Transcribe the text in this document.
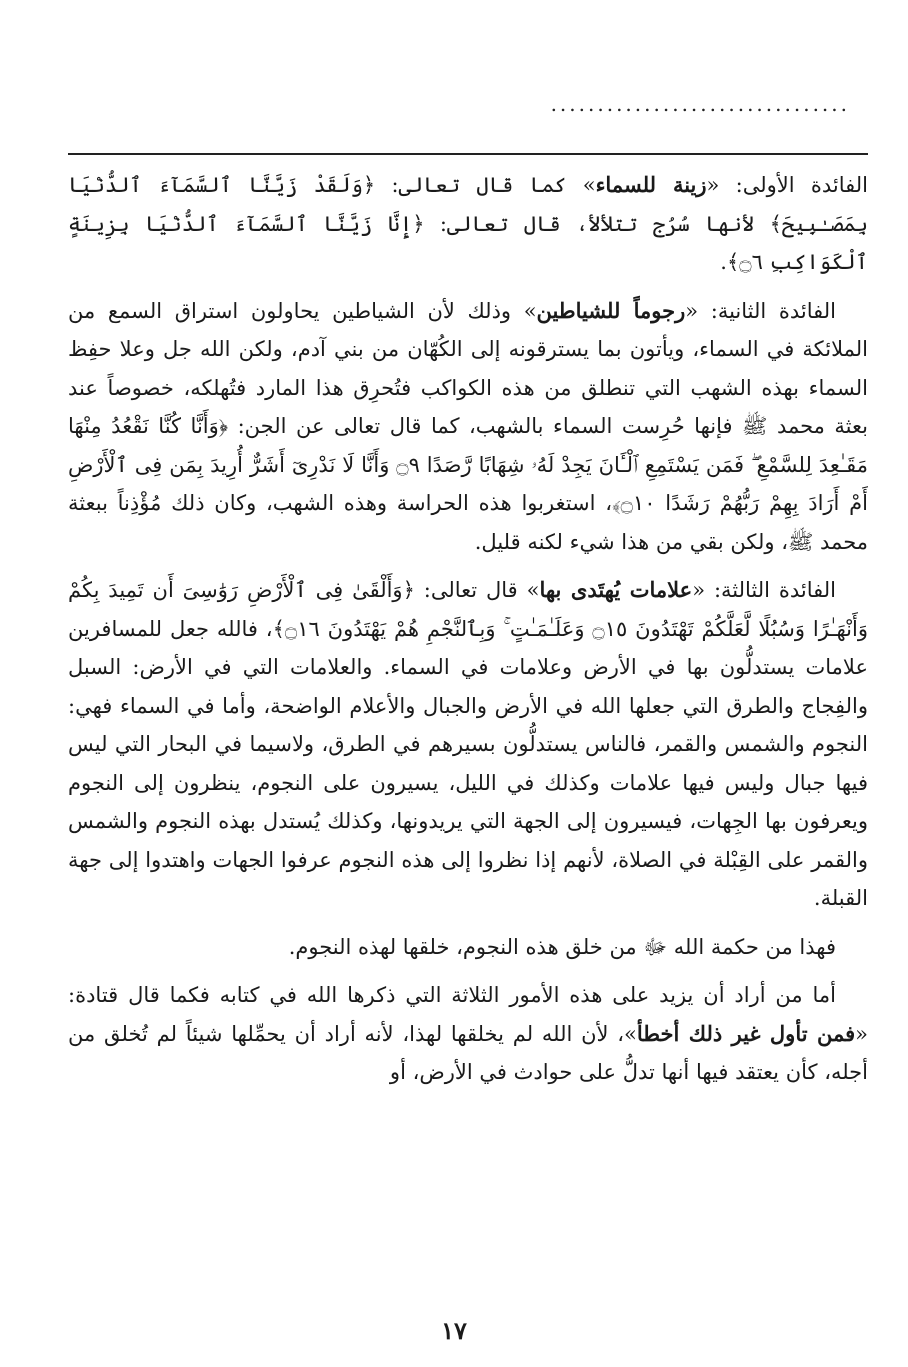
................................

الفائدة الأولى: «زينة للسماء» كما قال تعالى: ﴿وَلَقَدْ زَيَّنَّا ٱلسَّمَآءَ ٱلدُّنْيَا بِمَصَـٰبِيحَ﴾ لأنها سُرُج تتلألأ، قال تعالى: ﴿إِنَّا زَيَّنَّا ٱلسَّمَآءَ ٱلدُّنْيَا بِزِينَةٍ ٱلْكَوَاكِبِ ۝٦﴾.

الفائدة الثانية: «رجوماً للشياطين» وذلك لأن الشياطين يحاولون استراق السمع من الملائكة في السماء، ويأتون بما يسترقونه إلى الكُهّان من بني آدم، ولكن الله جل وعلا حفِظ السماء بهذه الشهب التي تنطلق من هذه الكواكب فتُحرِق هذا المارد فتُهلكه، خصوصاً عند بعثة محمد ﷺ فإنها حُرِست السماء بالشهب، كما قال تعالى عن الجن: ﴿وَأَنَّا كُنَّا نَقْعُدُ مِنْهَا مَقَـٰعِدَ لِلسَّمْعِ ۖ فَمَن يَسْتَمِعِ ٱلْـَٔانَ يَجِدْ لَهُۥ شِهَابًا رَّصَدًا ۝٩ وَأَنَّا لَا نَدْرِىٓ أَشَرٌّ أُرِيدَ بِمَن فِى ٱلْأَرْضِ أَمْ أَرَادَ بِهِمْ رَبُّهُمْ رَشَدًا ۝١٠﴾، استغربوا هذه الحراسة وهذه الشهب، وكان ذلك مُؤْذِناً ببعثة محمد ﷺ، ولكن بقي من هذا شيء لكنه قليل.

الفائدة الثالثة: «علامات يُهتَدى بها» قال تعالى: ﴿وَأَلْقَىٰ فِى ٱلْأَرْضِ رَوَٰسِىَ أَن تَمِيدَ بِكُمْ وَأَنْهَـٰرًا وَسُبُلًا لَّعَلَّكُمْ تَهْتَدُونَ ۝١٥ وَعَلَـٰمَـٰتٍ ۚ وَبِٱلنَّجْمِ هُمْ يَهْتَدُونَ ۝١٦﴾، فالله جعل للمسافرين علامات يستدلُّون بها في الأرض وعلامات في السماء. والعلامات التي في الأرض: السبل والفِجاج والطرق التي جعلها الله في الأرض والجبال والأعلام الواضحة، وأما في السماء فهي: النجوم والشمس والقمر، فالناس يستدلُّون بسيرهم في الطرق، ولاسيما في البحار التي ليس فيها جبال وليس فيها علامات وكذلك في الليل، يسيرون على النجوم، ينظرون إلى النجوم ويعرفون بها الجِهات، فيسيرون إلى الجهة التي يريدونها، وكذلك يُستدل بهذه النجوم والشمس والقمر على القِبْلة في الصلاة، لأنهم إذا نظروا إلى هذه النجوم عرفوا الجهات واهتدوا إلى جهة القبلة.

فهذا من حكمة الله ﷻ من خلق هذه النجوم، خلقها لهذه النجوم.

أما من أراد أن يزيد على هذه الأمور الثلاثة التي ذكرها الله في كتابه فكما قال قتادة: «فمن تأول غير ذلك أخطأ»، لأن الله لم يخلقها لهذا، لأنه أراد أن يحمِّلها شيئاً لم تُخلق من أجله، كأن يعتقد فيها أنها تدلُّ على حوادث في الأرض، أو

١٧
